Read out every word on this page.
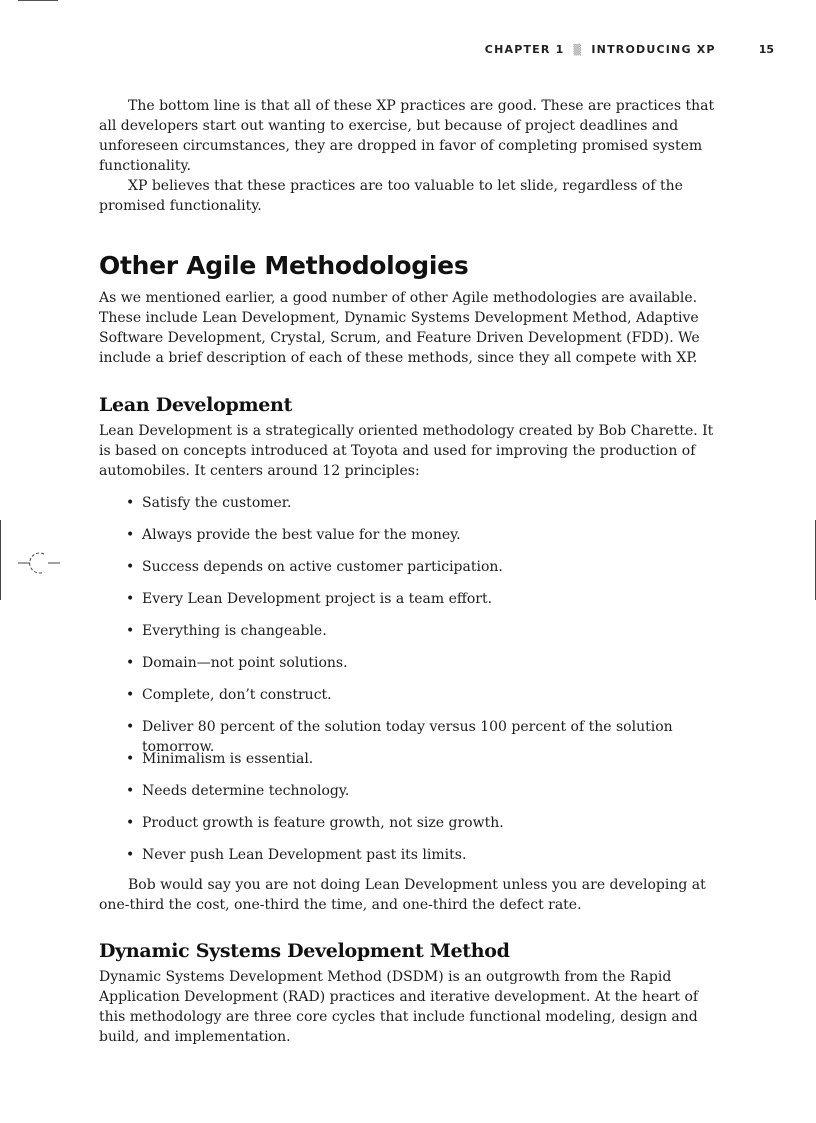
CHAPTER 1 ▒ INTRODUCING XP	15

The bottom line is that all of these XP practices are good. These are practices that all developers start out wanting to exercise, but because of project deadlines and unforeseen circumstances, they are dropped in favor of completing promised system functionality.

XP believes that these practices are too valuable to let slide, regardless of the promised functionality.

Other Agile Methodologies

As we mentioned earlier, a good number of other Agile methodologies are available. These include Lean Development, Dynamic Systems Development Method, Adaptive Software Development, Crystal, Scrum, and Feature Driven Development (FDD). We include a brief description of each of these methods, since they all compete with XP.

Lean Development

Lean Development is a strategically oriented methodology created by Bob Charette. It is based on concepts introduced at Toyota and used for improving the production of automobiles. It centers around 12 principles:

• Satisfy the customer.
• Always provide the best value for the money.
• Success depends on active customer participation.
• Every Lean Development project is a team effort.
• Everything is changeable.
• Domain—not point solutions.
• Complete, don’t construct.
• Deliver 80 percent of the solution today versus 100 percent of the solution tomorrow.
• Minimalism is essential.
• Needs determine technology.
• Product growth is feature growth, not size growth.
• Never push Lean Development past its limits.

Bob would say you are not doing Lean Development unless you are developing at one-third the cost, one-third the time, and one-third the defect rate.

Dynamic Systems Development Method

Dynamic Systems Development Method (DSDM) is an outgrowth from the Rapid Application Development (RAD) practices and iterative development. At the heart of this methodology are three core cycles that include functional modeling, design and build, and implementation.
